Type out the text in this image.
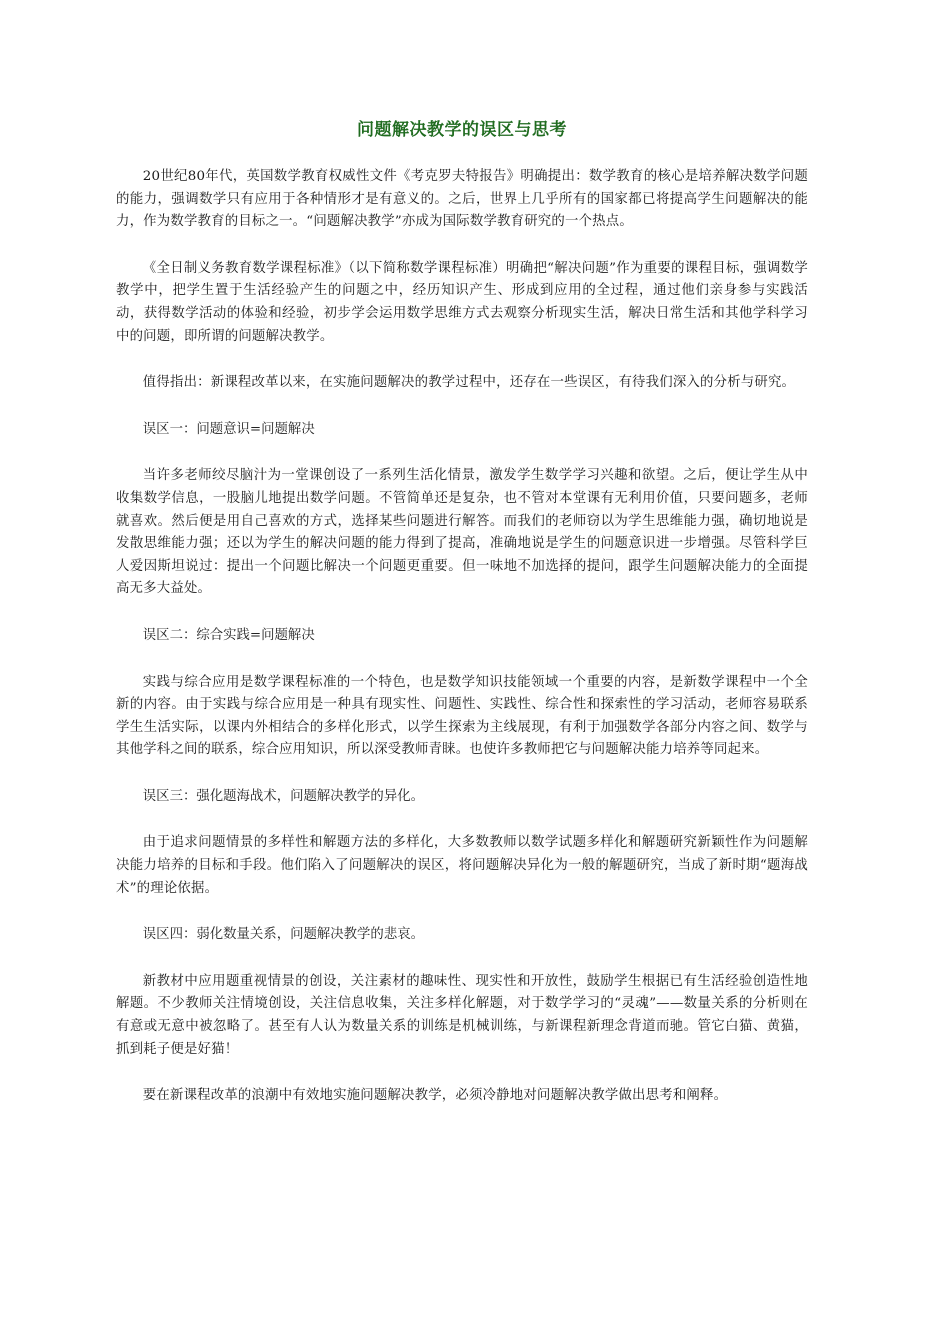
问题解决教学的误区与思考

20世纪80年代，英国数学教育权威性文件《考克罗夫特报告》明确提出：数学教育的核心是培养解决数学问题的能力，强调数学只有应用于各种情形才是有意义的。之后，世界上几乎所有的国家都已将提高学生问题解决的能力，作为数学教育的目标之一。“问题解决教学”亦成为国际数学教育研究的一个热点。

《全日制义务教育数学课程标准》（以下简称数学课程标准）明确把“解决问题”作为重要的课程目标，强调数学教学中，把学生置于生活经验产生的问题之中，经历知识产生、形成到应用的全过程，通过他们亲身参与实践活动，获得数学活动的体验和经验，初步学会运用数学思维方式去观察分析现实生活，解决日常生活和其他学科学习中的问题，即所谓的问题解决教学。

值得指出：新课程改革以来，在实施问题解决的教学过程中，还存在一些误区，有待我们深入的分析与研究。

误区一：问题意识=问题解决

当许多老师绞尽脑汁为一堂课创设了一系列生活化情景，激发学生数学学习兴趣和欲望。之后，便让学生从中收集数学信息，一股脑儿地提出数学问题。不管简单还是复杂，也不管对本堂课有无利用价值，只要问题多，老师就喜欢。然后便是用自己喜欢的方式，选择某些问题进行解答。而我们的老师窃以为学生思维能力强，确切地说是发散思维能力强；还以为学生的解决问题的能力得到了提高，准确地说是学生的问题意识进一步增强。尽管科学巨人爱因斯坦说过：提出一个问题比解决一个问题更重要。但一味地不加选择的提问，跟学生问题解决能力的全面提高无多大益处。

误区二：综合实践=问题解决

实践与综合应用是数学课程标准的一个特色，也是数学知识技能领域一个重要的内容，是新数学课程中一个全新的内容。由于实践与综合应用是一种具有现实性、问题性、实践性、综合性和探索性的学习活动，老师容易联系学生生活实际，以课内外相结合的多样化形式，以学生探索为主线展现，有利于加强数学各部分内容之间、数学与其他学科之间的联系，综合应用知识，所以深受教师青睐。也使许多教师把它与问题解决能力培养等同起来。

误区三：强化题海战术，问题解决教学的异化。

由于追求问题情景的多样性和解题方法的多样化，大多数教师以数学试题多样化和解题研究新颖性作为问题解决能力培养的目标和手段。他们陷入了问题解决的误区，将问题解决异化为一般的解题研究，当成了新时期“题海战术”的理论依据。

误区四：弱化数量关系，问题解决教学的悲哀。

新教材中应用题重视情景的创设，关注素材的趣味性、现实性和开放性，鼓励学生根据已有生活经验创造性地解题。不少教师关注情境创设，关注信息收集，关注多样化解题，对于数学学习的“灵魂”——数量关系的分析则在有意或无意中被忽略了。甚至有人认为数量关系的训练是机械训练，与新课程新理念背道而驰。管它白猫、黄猫，抓到耗子便是好猫！

要在新课程改革的浪潮中有效地实施问题解决教学，必须冷静地对问题解决教学做出思考和阐释。
